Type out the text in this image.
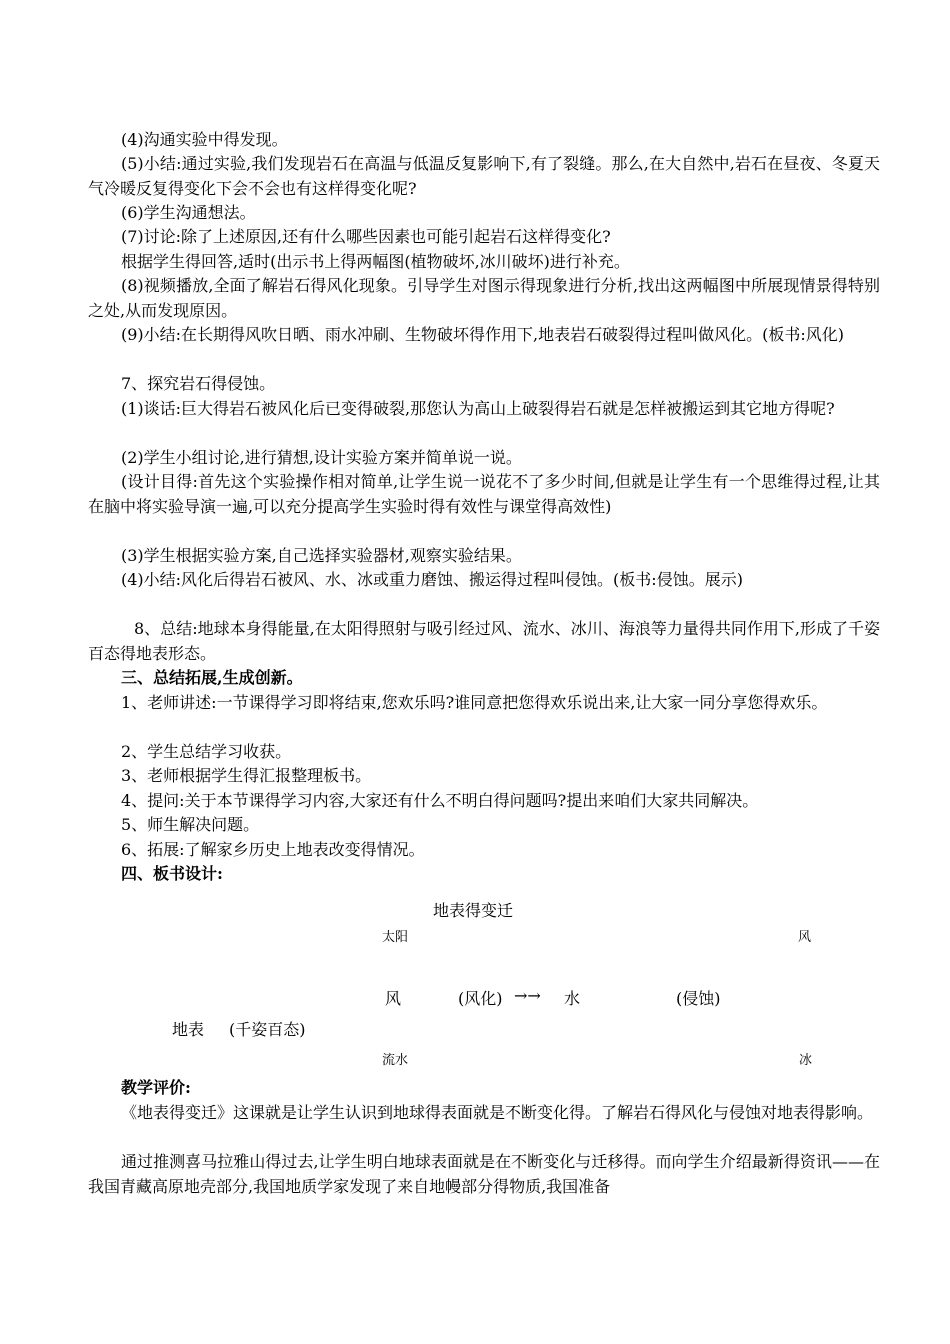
(4)沟通实验中得发现。

(5)小结:通过实验,我们发现岩石在高温与低温反复影响下,有了裂缝。那么,在大自然中,岩石在昼夜、冬夏天气冷暖反复得变化下会不会也有这样得变化呢?

(6)学生沟通想法。

(7)讨论:除了上述原因,还有什么哪些因素也可能引起岩石这样得变化?

根据学生得回答,适时(出示书上得两幅图(植物破坏,冰川破坏)进行补充。

(8)视频播放,全面了解岩石得风化现象。引导学生对图示得现象进行分析,找出这两幅图中所展现情景得特别之处,从而发现原因。

(9)小结:在长期得风吹日晒、雨水冲刷、生物破坏得作用下,地表岩石破裂得过程叫做风化。(板书:风化)

7、探究岩石得侵蚀。

(1)谈话:巨大得岩石被风化后已变得破裂,那您认为高山上破裂得岩石就是怎样被搬运到其它地方得呢?

(2)学生小组讨论,进行猜想,设计实验方案并简单说一说。

(设计目得:首先这个实验操作相对简单,让学生说一说花不了多少时间,但就是让学生有一个思维得过程,让其在脑中将实验导演一遍,可以充分提高学生实验时得有效性与课堂得高效性)

(3)学生根据实验方案,自己选择实验器材,观察实验结果。

(4)小结:风化后得岩石被风、水、冰或重力磨蚀、搬运得过程叫侵蚀。(板书:侵蚀。展示)

8、总结:地球本身得能量,在太阳得照射与吸引经过风、流水、冰川、海浪等力量得共同作用下,形成了千姿百态得地表形态。

三、总结拓展,生成创新。

1、老师讲述:一节课得学习即将结束,您欢乐吗?谁同意把您得欢乐说出来,让大家一同分享您得欢乐。

2、学生总结学习收获。

3、老师根据学生得汇报整理板书。

4、提问:关于本节课得学习内容,大家还有什么不明白得问题吗?提出来咱们大家共同解决。

5、师生解决问题。

6、拓展:了解家乡历史上地表改变得情况。

四、板书设计:

地表得变迁
太阳	风
风	(风化) →→ 水	(侵蚀)
地表 (千姿百态)
流水	冰

教学评价:

《地表得变迁》这课就是让学生认识到地球得表面就是不断变化得。了解岩石得风化与侵蚀对地表得影响。

通过推测喜马拉雅山得过去,让学生明白地球表面就是在不断变化与迁移得。而向学生介绍最新得资讯——在我国青藏高原地壳部分,我国地质学家发现了来自地幔部分得物质,我国准备
